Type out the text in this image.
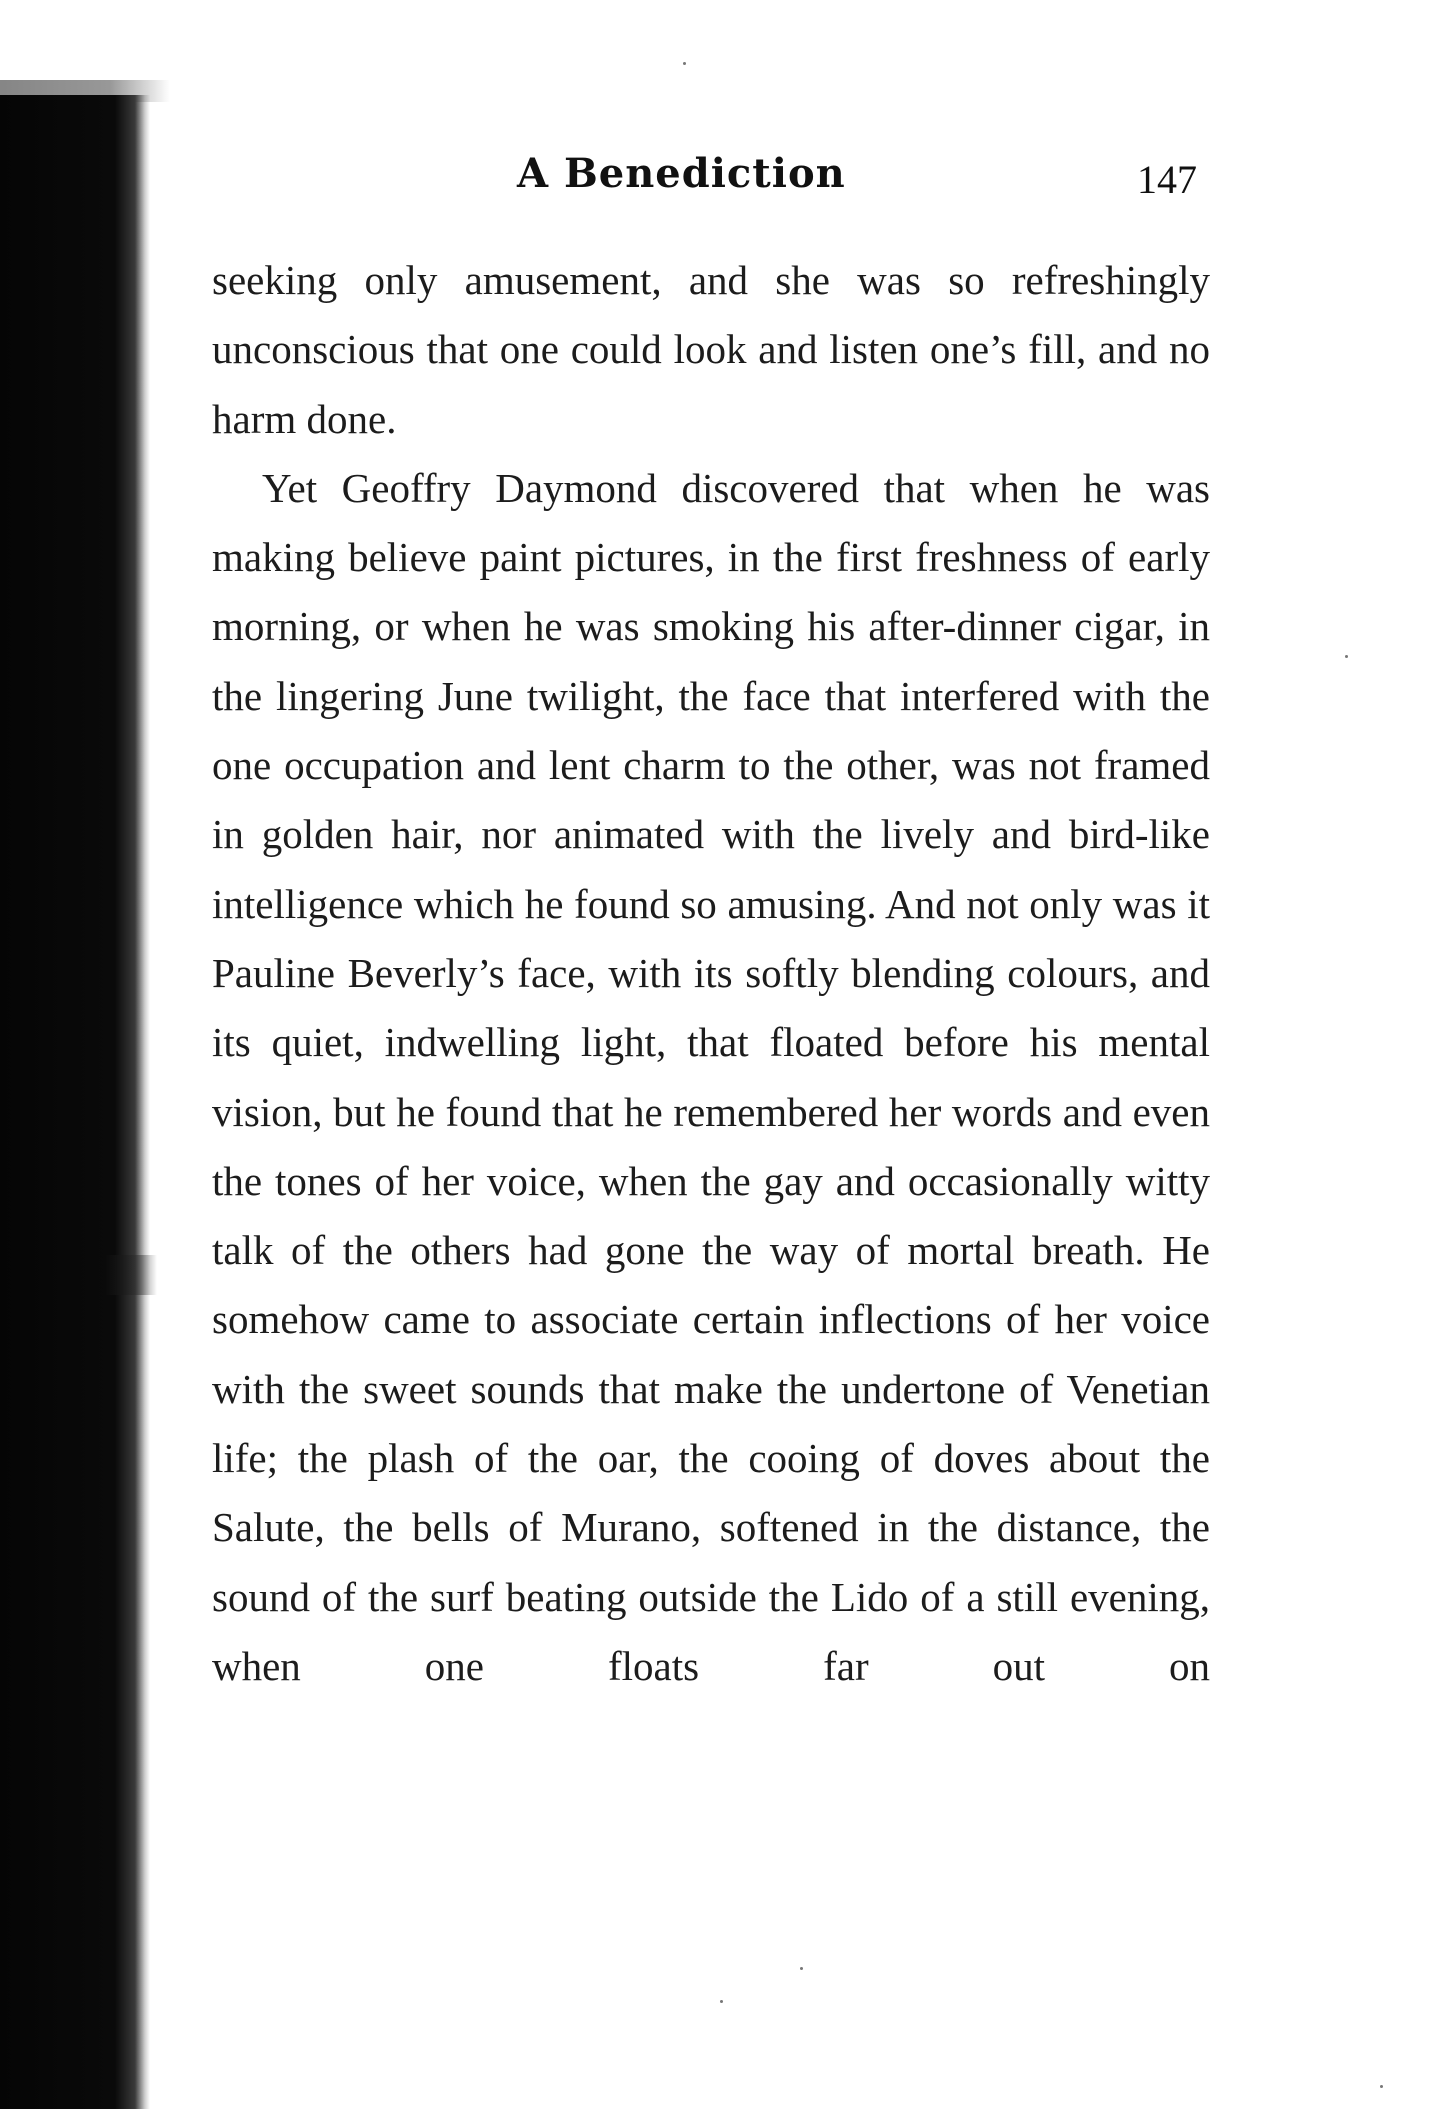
A Benediction	147

seeking only amusement, and she was so refreshingly unconscious that one could look and listen one’s fill, and no harm done.

Yet Geoffry Daymond discovered that when he was making believe paint pictures, in the first freshness of early morning, or when he was smoking his after-dinner cigar, in the lingering June twilight, the face that interfered with the one occupation and lent charm to the other, was not framed in golden hair, nor animated with the lively and bird-like intelligence which he found so amusing. And not only was it Pauline Beverly’s face, with its softly blending colours, and its quiet, indwelling light, that floated before his mental vision, but he found that he remembered her words and even the tones of her voice, when the gay and occasionally witty talk of the others had gone the way of mortal breath. He somehow came to associate certain inflections of her voice with the sweet sounds that make the undertone of Venetian life; the plash of the oar, the cooing of doves about the Salute, the bells of Murano, softened in the distance, the sound of the surf beating outside the Lido of a still evening, when one floats far out on
